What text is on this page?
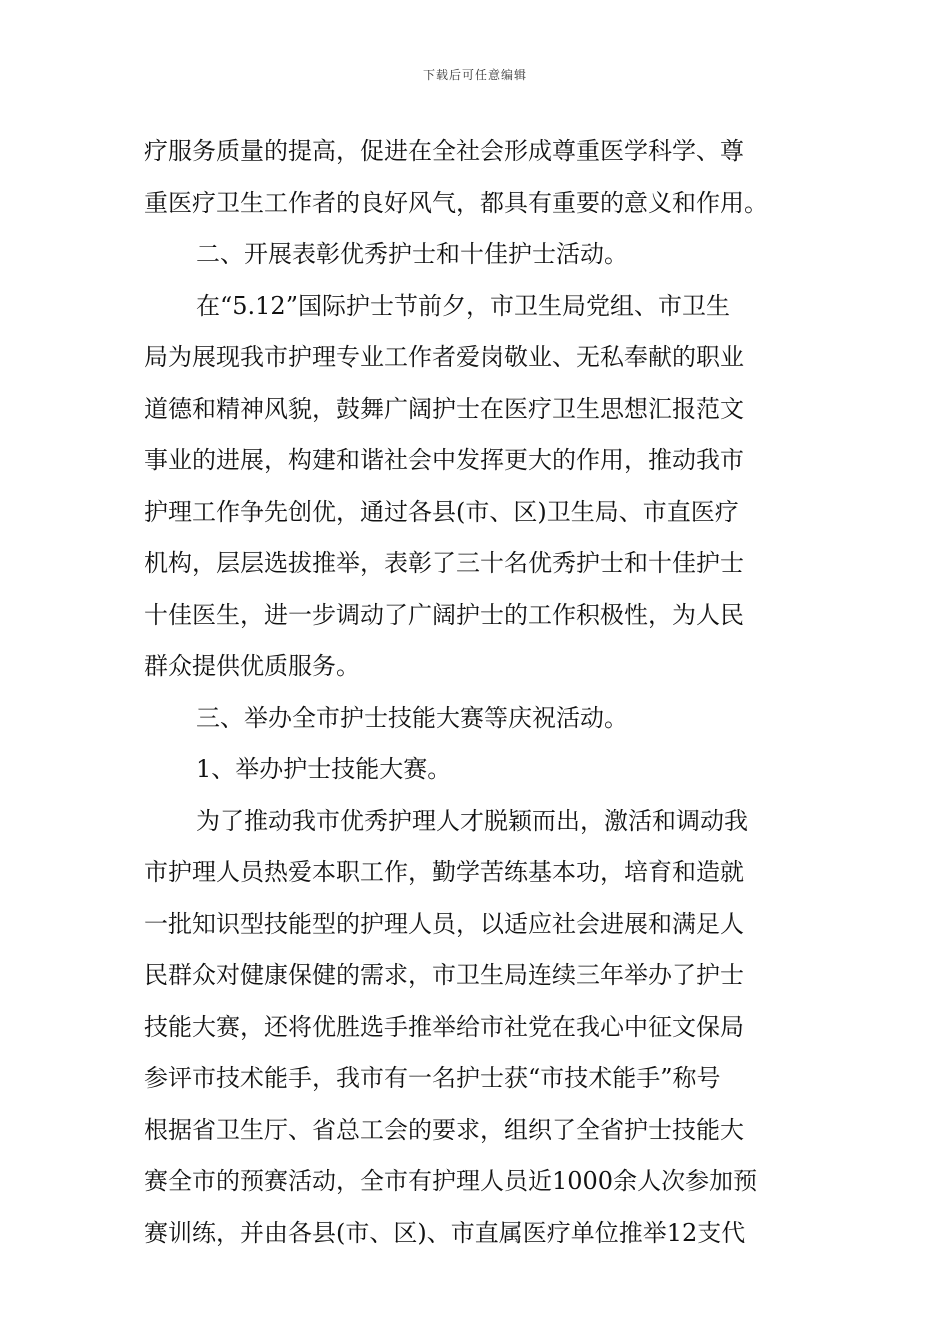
下载后可任意编辑
疗服务质量的提高，促进在全社会形成尊重医学科学、尊
重医疗卫生工作者的良好风气，都具有重要的意义和作用。
二、开展表彰优秀护士和十佳护士活动。
在“5.12”国际护士节前夕，市卫生局党组、市卫生
局为展现我市护理专业工作者爱岗敬业、无私奉献的职业
道德和精神风貌，鼓舞广阔护士在医疗卫生思想汇报范文
事业的进展，构建和谐社会中发挥更大的作用，推动我市
护理工作争先创优，通过各县(市、区)卫生局、市直医疗
机构，层层选拔推举，表彰了三十名优秀护士和十佳护士
十佳医生，进一步调动了广阔护士的工作积极性，为人民
群众提供优质服务。
三、举办全市护士技能大赛等庆祝活动。
1、举办护士技能大赛。
为了推动我市优秀护理人才脱颖而出，激活和调动我
市护理人员热爱本职工作，勤学苦练基本功，培育和造就
一批知识型技能型的护理人员，以适应社会进展和满足人
民群众对健康保健的需求，市卫生局连续三年举办了护士
技能大赛，还将优胜选手推举给市社党在我心中征文保局
参评市技术能手，我市有一名护士获“市技术能手”称号
根据省卫生厅、省总工会的要求，组织了全省护士技能大
赛全市的预赛活动，全市有护理人员近1000余人次参加预
赛训练，并由各县(市、区)、市直属医疗单位推举12支代
